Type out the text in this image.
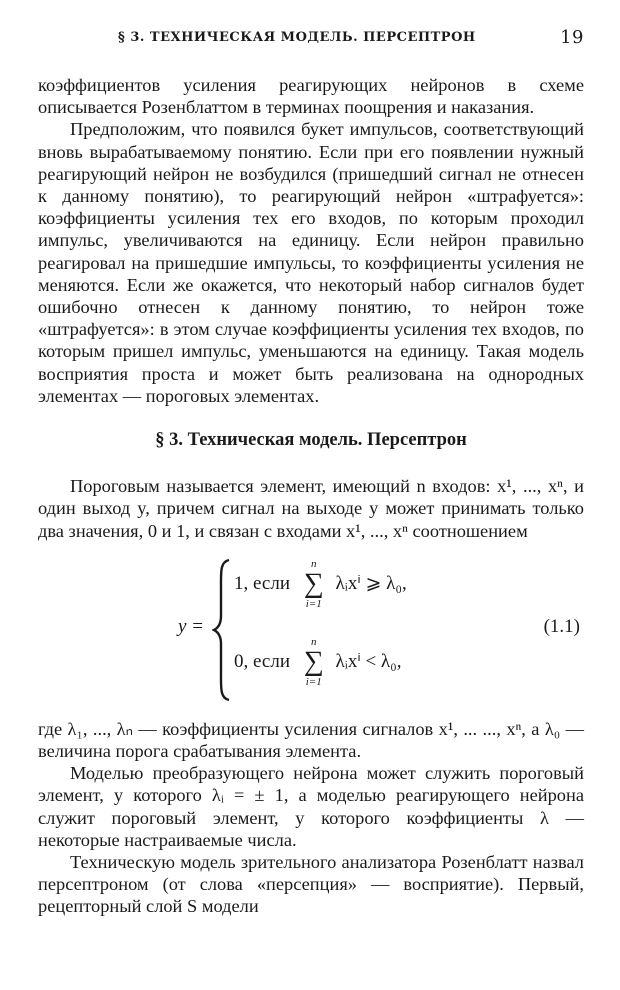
§ 3. ТЕХНИЧЕСКАЯ МОДЕЛЬ. ПЕРСЕПТРОН	19

коэффициентов усиления реагирующих нейронов в схеме описывается Розенблаттом в терминах поощрения и наказания.

Предположим, что появился букет импульсов, соответствующий вновь вырабатываемому понятию. Если при его появлении нужный реагирующий нейрон не возбудился (пришедший сигнал не отнесен к данному понятию), то реагирующий нейрон «штрафуется»: коэффициенты усиления тех его входов, по которым проходил импульс, увеличиваются на единицу. Если нейрон правильно реагировал на пришедшие импульсы, то коэффициенты усиления не меняются. Если же окажется, что некоторый набор сигналов будет ошибочно отнесен к данному понятию, то нейрон тоже «штрафуется»: в этом случае коэффициенты усиления тех входов, по которым пришел импульс, уменьшаются на единицу. Такая модель восприятия проста и может быть реализована на однородных элементах — пороговых элементах.

§ 3. Техническая модель. Персептрон

Пороговым называется элемент, имеющий n входов: x¹, ..., xⁿ, и один выход y, причем сигнал на выходе y может принимать только два значения, 0 и 1, и связан с входами x¹, ..., xⁿ соотношением

y =
1, если
n
∑
i=1
λᵢxⁱ ⩾ λ₀,
0, если
n
∑
i=1
λᵢxⁱ < λ₀,
(1.1)

где λ₁, ..., λₙ — коэффициенты усиления сигналов x¹, ... ..., xⁿ, а λ₀ — величина порога срабатывания элемента.

Моделью преобразующего нейрона может служить пороговый элемент, у которого λᵢ = ± 1, а моделью реагирующего нейрона служит пороговый элемент, у которого коэффициенты λ — некоторые настраиваемые числа.

Техническую модель зрительного анализатора Розенблатт назвал персептроном (от слова «персепция» — восприятие). Первый, рецепторный слой S модели
